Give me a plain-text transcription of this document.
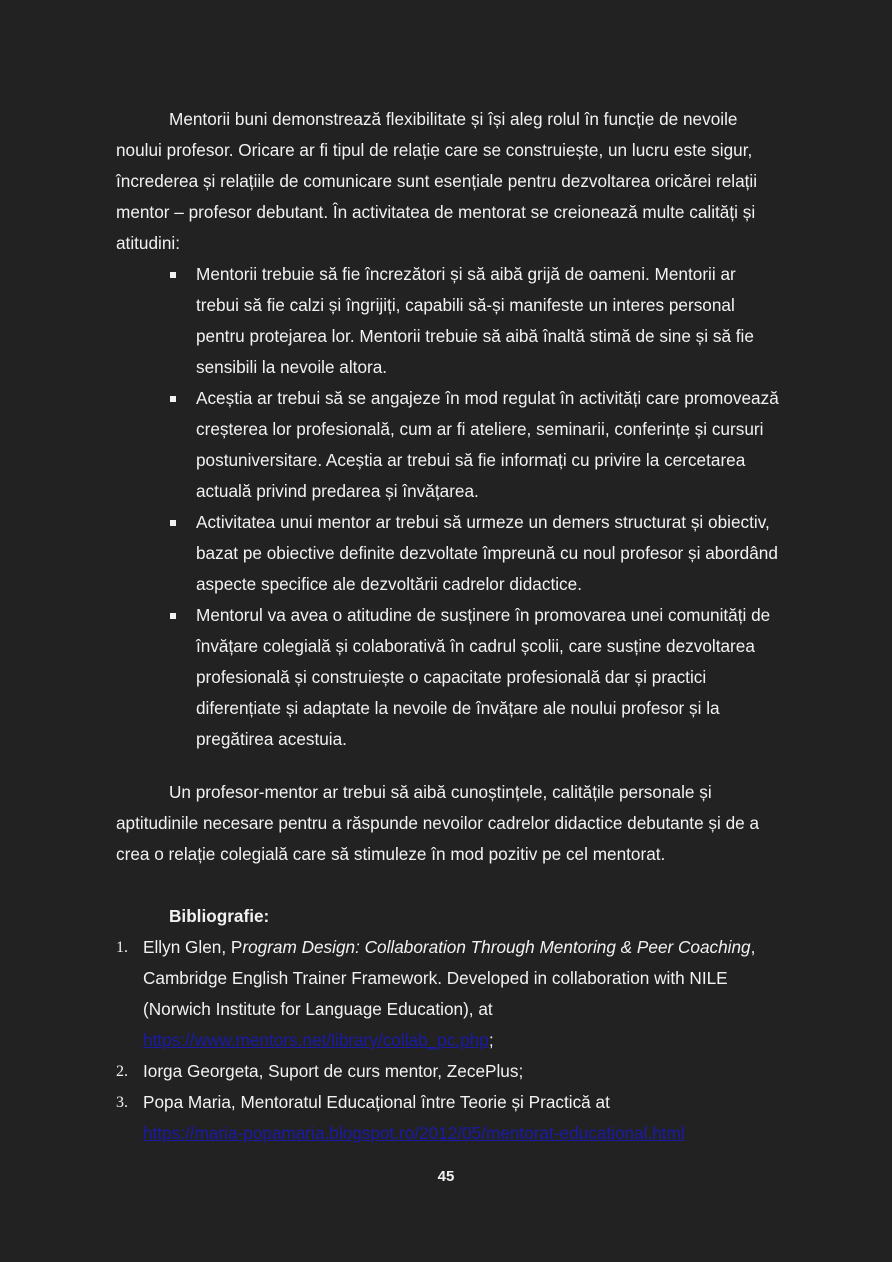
Mentorii buni demonstrează flexibilitate și își aleg rolul în funcție de nevoile noului profesor. Oricare ar fi tipul de relație care se construiește, un lucru este sigur, încrederea și relațiile de comunicare sunt esențiale pentru dezvoltarea oricărei relații mentor – profesor debutant. În activitatea de mentorat se creionează multe calități și atitudini:

Mentorii trebuie să fie încrezători și să aibă grijă de oameni. Mentorii ar trebui să fie calzi și îngrijiți, capabili să-și manifeste un interes personal pentru protejarea lor. Mentorii trebuie să aibă înaltă stimă de sine și să fie sensibili la nevoile altora.
Aceștia ar trebui să se angajeze în mod regulat în activități care promovează creșterea lor profesională, cum ar fi ateliere, seminarii, conferințe și cursuri postuniversitare. Aceștia ar trebui să fie informați cu privire la cercetarea actuală privind predarea și învățarea.
Activitatea unui mentor ar trebui să urmeze un demers structurat și obiectiv, bazat pe obiective definite dezvoltate împreună cu noul profesor și abordând aspecte specifice ale dezvoltării cadrelor didactice.
Mentorul va avea o atitudine de susținere în promovarea unei comunități de învățare colegială și colaborativă în cadrul școlii, care susține dezvoltarea profesională și construiește o capacitate profesională dar și practici diferențiate și adaptate la nevoile de învățare ale noului profesor și la pregătirea acestuia.

Un profesor-mentor ar trebui să aibă cunoștințele, calitățile personale și aptitudinile necesare pentru a răspunde nevoilor cadrelor didactice debutante și de a crea o relație colegială care să stimuleze în mod pozitiv pe cel mentorat.

Bibliografie:
1. Ellyn Glen, Program Design: Collaboration Through Mentoring & Peer Coaching, Cambridge English Trainer Framework. Developed in collaboration with NILE (Norwich Institute for Language Education), at https://www.mentors.net/library/collab_pc.php;
2. Iorga Georgeta, Suport de curs mentor, ZecePlus;
3. Popa Maria, Mentoratul Educațional între Teorie și Practică at
https://maria-popamaria.blogspot.ro/2012/05/mentorat-educational.html
45
